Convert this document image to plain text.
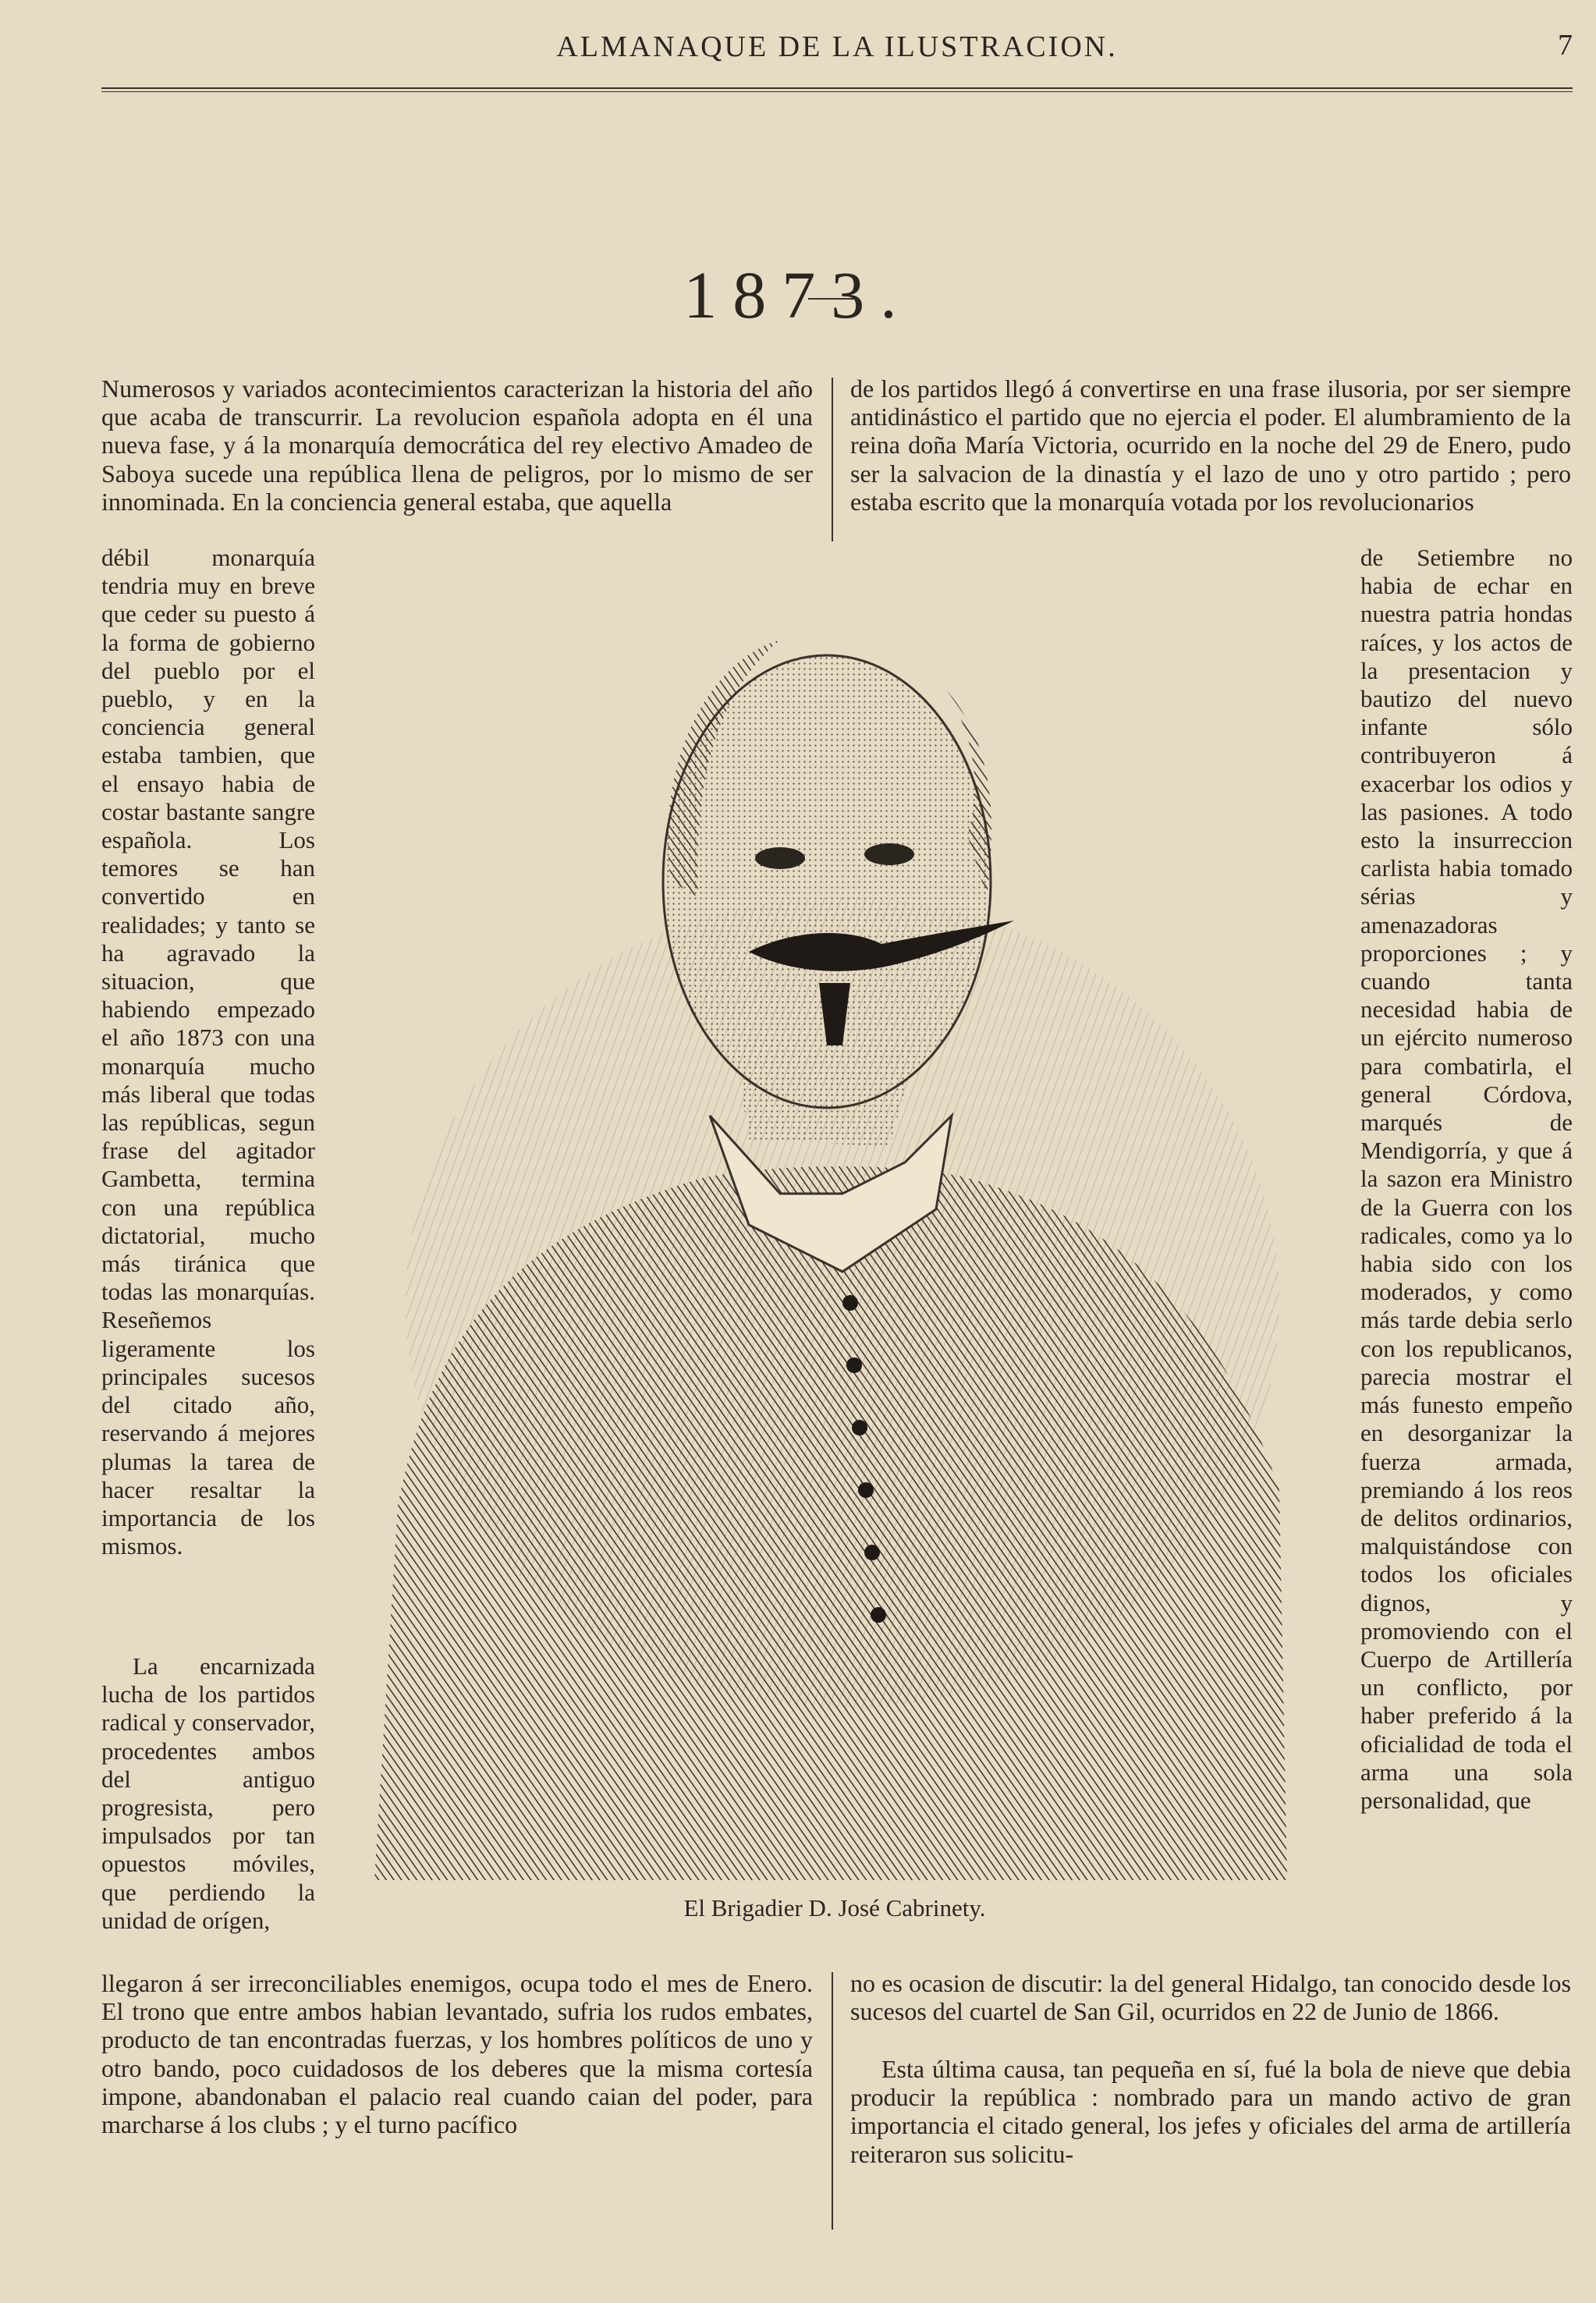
ALMANAQUE DE LA ILUSTRACION.	7
1873.

Numerosos y variados acontecimientos caracterizan la historia del año que acaba de transcurrir. La revolucion española adopta en él una nueva fase, y á la monarquía democrática del rey electivo Amadeo de Saboya sucede una república llena de peligros, por lo mismo de ser innominada. En la conciencia general estaba, que aquella

de los partidos llegó á convertirse en una frase ilusoria, por ser siempre antidinástico el partido que no ejercia el poder. El alumbramiento de la reina doña María Victoria, ocurrido en la noche del 29 de Enero, pudo ser la salvacion de la dinastía y el lazo de uno y otro partido ; pero estaba escrito que la monarquía votada por los revolucionarios

débil monarquía tendria muy en breve que ceder su puesto á la forma de gobierno del pueblo por el pueblo, y en la conciencia general estaba tambien, que el ensayo habia de costar bastante sangre española. Los temores se han convertido en realidades; y tanto se ha agravado la situacion, que habiendo empezado el año 1873 con una monarquía mucho más liberal que todas las repúblicas, segun frase del agitador Gambetta, termina con una república dictatorial, mucho más tiránica que todas las monarquías. Reseñemos ligeramente los principales sucesos del citado año, reservando á mejores plumas la tarea de hacer resaltar la importancia de los mismos.

La encarnizada lucha de los partidos radical y conservador, procedentes ambos del antiguo progresista, pero impulsados por tan opuestos móviles, que perdiendo la unidad de orígen,

de Setiembre no habia de echar en nuestra patria hondas raíces, y los actos de la presentacion y bautizo del nuevo infante sólo contribuyeron á exacerbar los odios y las pasiones. A todo esto la insurreccion carlista habia tomado sérias y amenazadoras proporciones ; y cuando tanta necesidad habia de un ejército numeroso para combatirla, el general Córdova, marqués de Mendigorría, y que á la sazon era Ministro de la Guerra con los radicales, como ya lo habia sido con los moderados, y como más tarde debia serlo con los republicanos, parecia mostrar el más funesto empeño en desorganizar la fuerza armada, premiando á los reos de delitos ordinarios, malquistándose con todos los oficiales dignos, y promoviendo con el Cuerpo de Artillería un conflicto, por haber preferido á la oficialidad de toda el arma una sola personalidad, que

El Brigadier D. José Cabrinety.

llegaron á ser irreconciliables enemigos, ocupa todo el mes de Enero. El trono que entre ambos habian levantado, sufria los rudos embates, producto de tan encontradas fuerzas, y los hombres políticos de uno y otro bando, poco cuidadosos de los deberes que la misma cortesía impone, abandonaban el palacio real cuando caian del poder, para marcharse á los clubs ; y el turno pacífico

no es ocasion de discutir: la del general Hidalgo, tan conocido desde los sucesos del cuartel de San Gil, ocurridos en 22 de Junio de 1866.

Esta última causa, tan pequeña en sí, fué la bola de nieve que debia producir la república : nombrado para un mando activo de gran importancia el citado general, los jefes y oficiales del arma de artillería reiteraron sus solicitu-
